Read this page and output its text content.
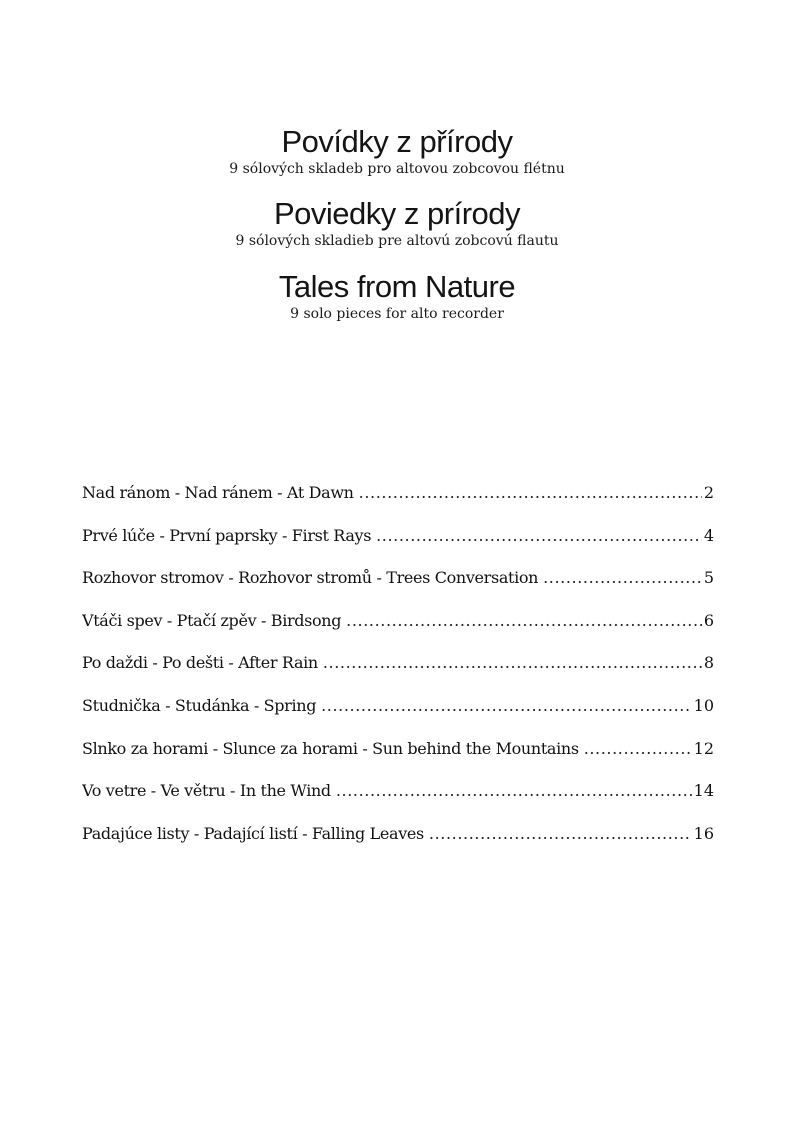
Povídky z přírody

9 sólových skladeb pro altovou zobcovou flétnu

Poviedky z prírody

9 sólových skladieb pre altovú zobcovú flautu

Tales from Nature

9 solo pieces for alto recorder

Nad ránom - Nad ránem - At Dawn .....	2
Prvé lúče - První paprsky - First Rays .....	4
Rozhovor stromov - Rozhovor stromů - Trees Conversation .....	5
Vtáči spev - Ptačí zpěv - Birdsong .....	6
Po daždi - Po dešti - After Rain .....	8
Studnička - Studánka - Spring .....	10
Slnko za horami - Slunce za horami - Sun behind the Mountains .....	12
Vo vetre - Ve větru - In the Wind .....	14
Padajúce listy - Padající listí - Falling Leaves .....	16
